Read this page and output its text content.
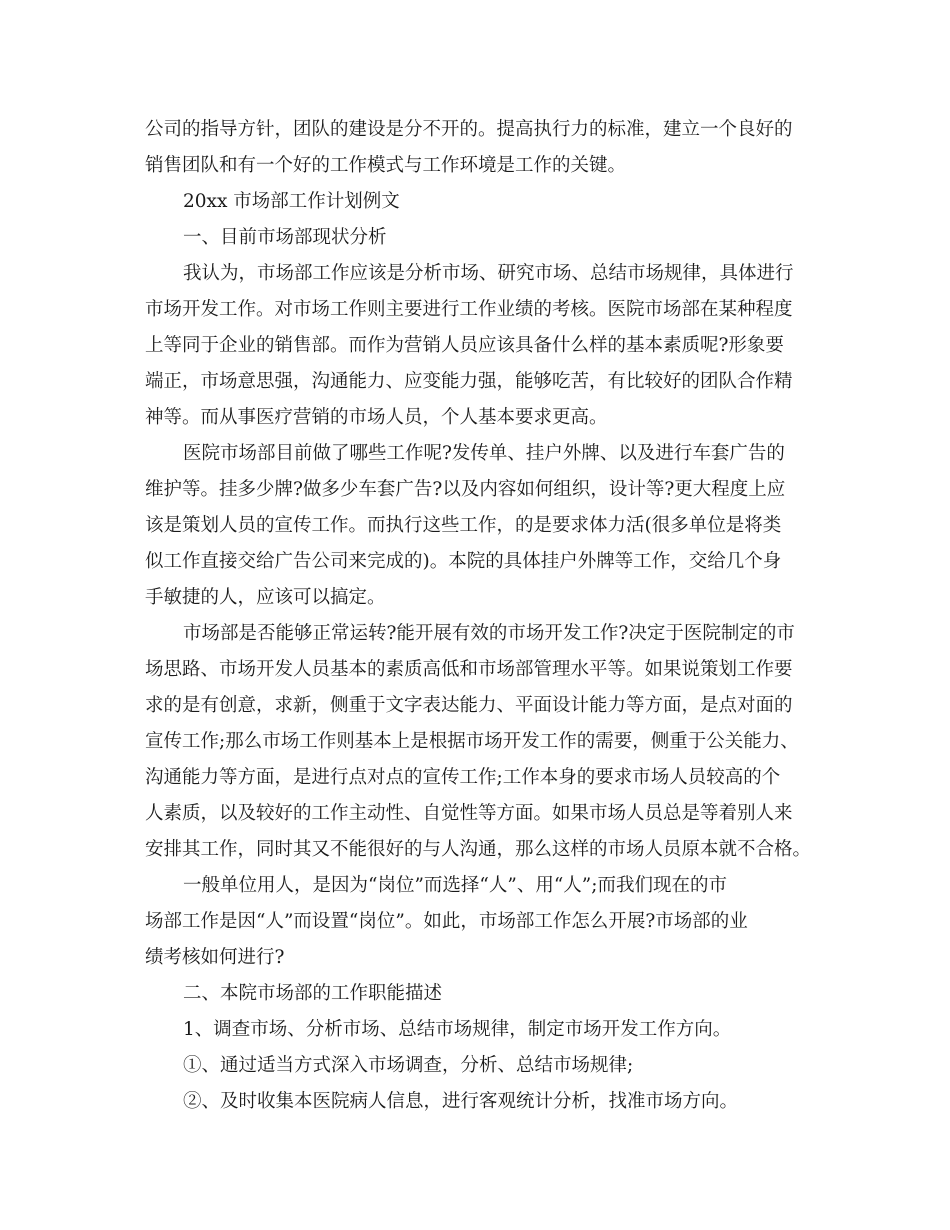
公司的指导方针，团队的建设是分不开的。提高执行力的标准，建立一个良好的
销售团队和有一个好的工作模式与工作环境是工作的关键。
20xx 市场部工作计划例文
一、目前市场部现状分析
我认为，市场部工作应该是分析市场、研究市场、总结市场规律，具体进行
市场开发工作。对市场工作则主要进行工作业绩的考核。医院市场部在某种程度
上等同于企业的销售部。而作为营销人员应该具备什么样的基本素质呢?形象要
端正，市场意思强，沟通能力、应变能力强，能够吃苦，有比较好的团队合作精
神等。而从事医疗营销的市场人员，个人基本要求更高。
医院市场部目前做了哪些工作呢?发传单、挂户外牌、以及进行车套广告的
维护等。挂多少牌?做多少车套广告?以及内容如何组织，设计等?更大程度上应
该是策划人员的宣传工作。而执行这些工作，的是要求体力活(很多单位是将类
似工作直接交给广告公司来完成的)。本院的具体挂户外牌等工作，交给几个身
手敏捷的人，应该可以搞定。
市场部是否能够正常运转?能开展有效的市场开发工作?决定于医院制定的市
场思路、市场开发人员基本的素质高低和市场部管理水平等。如果说策划工作要
求的是有创意，求新，侧重于文字表达能力、平面设计能力等方面，是点对面的
宣传工作;那么市场工作则基本上是根据市场开发工作的需要，侧重于公关能力、
沟通能力等方面，是进行点对点的宣传工作;工作本身的要求市场人员较高的个
人素质，以及较好的工作主动性、自觉性等方面。如果市场人员总是等着别人来
安排其工作，同时其又不能很好的与人沟通，那么这样的市场人员原本就不合格。
一般单位用人，是因为“岗位”而选择“人”、用“人”;而我们现在的市
场部工作是因“人”而设置“岗位”。如此，市场部工作怎么开展?市场部的业
绩考核如何进行?
二、本院市场部的工作职能描述
1、调查市场、分析市场、总结市场规律，制定市场开发工作方向。
①、通过适当方式深入市场调查，分析、总结市场规律;
②、及时收集本医院病人信息，进行客观统计分析，找准市场方向。
